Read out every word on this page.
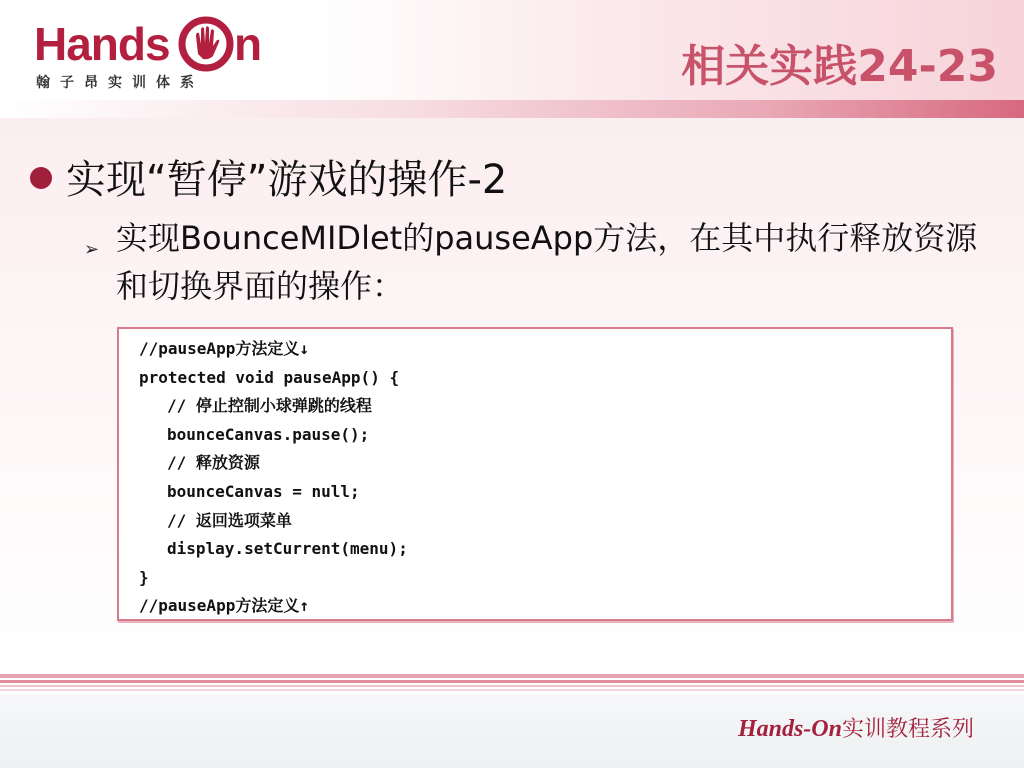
Hands n
翰子昂实训体系	相关实践24-23
实现“暂停”游戏的操作-2
➢ 实现BounceMIDlet的pauseApp方法，在其中执行释放资源和切换界面的操作：
//pauseApp方法定义↓
protected void pauseApp() {
// 停止控制小球弹跳的线程
bounceCanvas.pause();
// 释放资源
bounceCanvas = null;
// 返回选项菜单
display.setCurrent(menu);
}
//pauseApp方法定义↑
Hands-On实训教程系列
